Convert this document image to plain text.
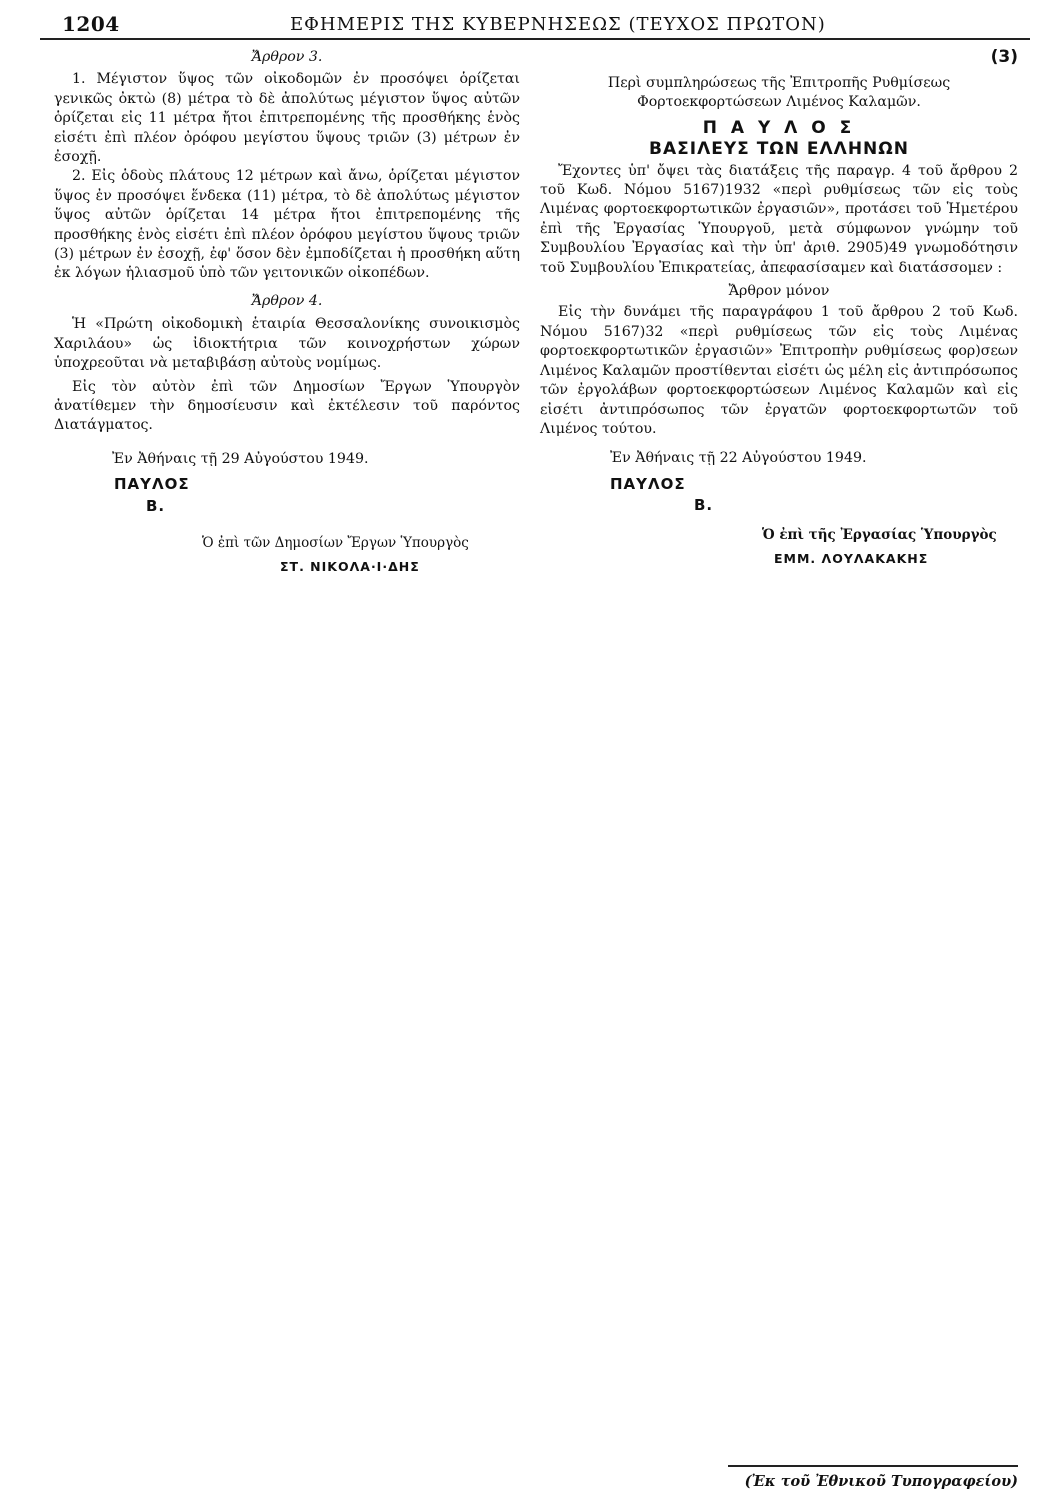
1204	ΕΦΗΜΕΡΙΣ ΤΗΣ ΚΥΒΕΡΝΗΣΕΩΣ (ΤΕΥΧΟΣ ΠΡΩΤΟΝ)
Ἄρθρον 3.

1. Μέγιστον ὕψος τῶν οἰκοδομῶν ἐν προσόψει ὁρίζεται γενικῶς ὀκτὼ (8) μέτρα τὸ δὲ ἀπολύτως μέγιστον ὕψος αὐτῶν ὁρίζεται εἰς 11 μέτρα ἤτοι ἐπιτρεπομένης τῆς προσθήκης ἑνὸς εἰσέτι ἐπὶ πλέον ὀρόφου μεγίστου ὕψους τριῶν (3) μέτρων ἐν ἐσοχῇ.

2. Εἰς ὁδοὺς πλάτους 12 μέτρων καὶ ἄνω, ὁρίζεται μέγιστον ὕψος ἐν προσόψει ἕνδεκα (11) μέτρα, τὸ δὲ ἀπολύτως μέγιστον ὕψος αὐτῶν ὁρίζεται 14 μέτρα ἤτοι ἐπιτρεπομένης τῆς προσθήκης ἑνὸς εἰσέτι ἐπὶ πλέον ὀρόφου μεγίστου ὕψους τριῶν (3) μέτρων ἐν ἐσοχῇ, ἐφ' ὅσον δὲν ἐμποδίζεται ἡ προσθήκη αὕτη ἐκ λόγων ἡλιασμοῦ ὑπὸ τῶν γειτονικῶν οἰκοπέδων.

Ἄρθρον 4.

Ἡ «Πρώτη οἰκοδομικὴ ἑταιρία Θεσσαλονίκης συνοικισμὸς Χαριλάου» ὡς ἰδιοκτήτρια τῶν κοινοχρήστων χώρων ὑποχρεοῦται νὰ μεταβιβάσῃ αὐτοὺς νομίμως.

Εἰς τὸν αὐτὸν ἐπὶ τῶν Δημοσίων Ἔργων Ὑπουργὸν ἀνατίθεμεν τὴν δημοσίευσιν καὶ ἐκτέλεσιν τοῦ παρόντος Διατάγματος.

Ἐν Ἀθήναις τῇ 29 Αὐγούστου 1949.
ΠΑΥΛΟΣ
Β.
Ὁ ἐπὶ τῶν Δημοσίων Ἔργων Ὑπουργὸς
ΣΤ. ΝΙΚΟΛΑ·Ι·ΔΗΣ
(3)

Περὶ συμπληρώσεως τῆς Ἐπιτροπῆς Ρυθμίσεως Φορτοεκφορτώσεων Λιμένος Καλαμῶν.

Π Α Υ Λ Ο Σ
ΒΑΣΙΛΕΥΣ ΤΩΝ ΕΛΛΗΝΩΝ

Ἔχοντες ὑπ' ὄψει τὰς διατάξεις τῆς παραγρ. 4 τοῦ ἄρθρου 2 τοῦ Κωδ. Νόμου 5167)1932 «περὶ ρυθμίσεως τῶν εἰς τοὺς Λιμένας φορτοεκφορτωτικῶν ἐργασιῶν», προτάσει τοῦ Ἡμετέρου ἐπὶ τῆς Ἐργασίας Ὑπουργοῦ, μετὰ σύμφωνον γνώμην τοῦ Συμβουλίου Ἐργασίας καὶ τὴν ὑπ' ἀριθ. 2905)49 γνωμοδότησιν τοῦ Συμβουλίου Ἐπικρατείας, ἀπεφασίσαμεν καὶ διατάσσομεν :

Ἄρθρον μόνον

Εἰς τὴν δυνάμει τῆς παραγράφου 1 τοῦ ἄρθρου 2 τοῦ Κωδ. Νόμου 5167)32 «περὶ ρυθμίσεως τῶν εἰς τοὺς Λιμένας φορτοεκφορτωτικῶν ἐργασιῶν» Ἐπιτροπὴν ρυθμίσεως φορ)σεων Λιμένος Καλαμῶν προστίθενται εἰσέτι ὡς μέλη εἰς ἀντιπρόσωπος τῶν ἐργολάβων φορτοεκφορτώσεων Λιμένος Καλαμῶν καὶ εἰς εἰσέτι ἀντιπρόσωπος τῶν ἐργατῶν φορτοεκφορτωτῶν τοῦ Λιμένος τούτου.

Ἐν Ἀθήναις τῇ 22 Αὐγούστου 1949.
ΠΑΥΛΟΣ
Β.
Ὁ ἐπὶ τῆς Ἐργασίας Ὑπουργὸς
ΕΜΜ. ΛΟΥΛΑΚΑΚΗΣ
(Ἐκ τοῦ Ἐθνικοῦ Τυπογραφείου)
